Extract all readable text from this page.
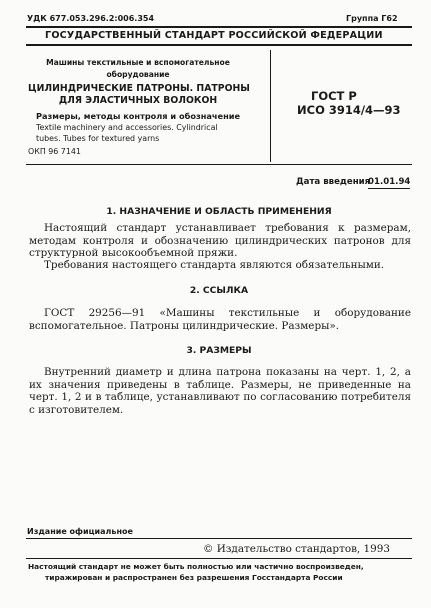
УДК 677.053.296.2:006.354	Группа Г62
ГОСУДАРСТВЕННЫЙ СТАНДАРТ РОССИЙСКОЙ ФЕДЕРАЦИИ
Машины текстильные и вспомогательное
оборудование
ЦИЛИНДРИЧЕСКИЕ ПАТРОНЫ. ПАТРОНЫ
ДЛЯ ЭЛАСТИЧНЫХ ВОЛОКОН
Размеры, методы контроля и обозначение
Textile machinery and accessories. Cylindrical
tubes. Tubes for textured yarns
ОКП 96 7141
ГОСТ Р
ИСО 3914/4—93
Дата введения
01.01.94
1. НАЗНАЧЕНИЕ И ОБЛАСТЬ ПРИМЕНЕНИЯ
Настоящий стандарт устанавливает требования к размерам, методам контроля и обозначению цилиндрических патронов для структурной высокообъемной пряжи.
Требования настоящего стандарта являются обязательными.
2. ССЫЛКА
ГОСТ 29256—91 «Машины текстильные и оборудование вспомогательное. Патроны цилиндрические. Размеры».
3. РАЗМЕРЫ
Внутренний диаметр и длина патрона показаны на черт. 1, 2, а их значения приведены в таблице. Размеры, не приведенные на черт. 1, 2 и в таблице, устанавливают по согласованию потребителя с изготовителем.
Издание официальное
© Издательство стандартов, 1993
Настоящий стандарт не может быть полностью или частично воспроизведен,
тиражирован и распространен без разрешения Госстандарта России
